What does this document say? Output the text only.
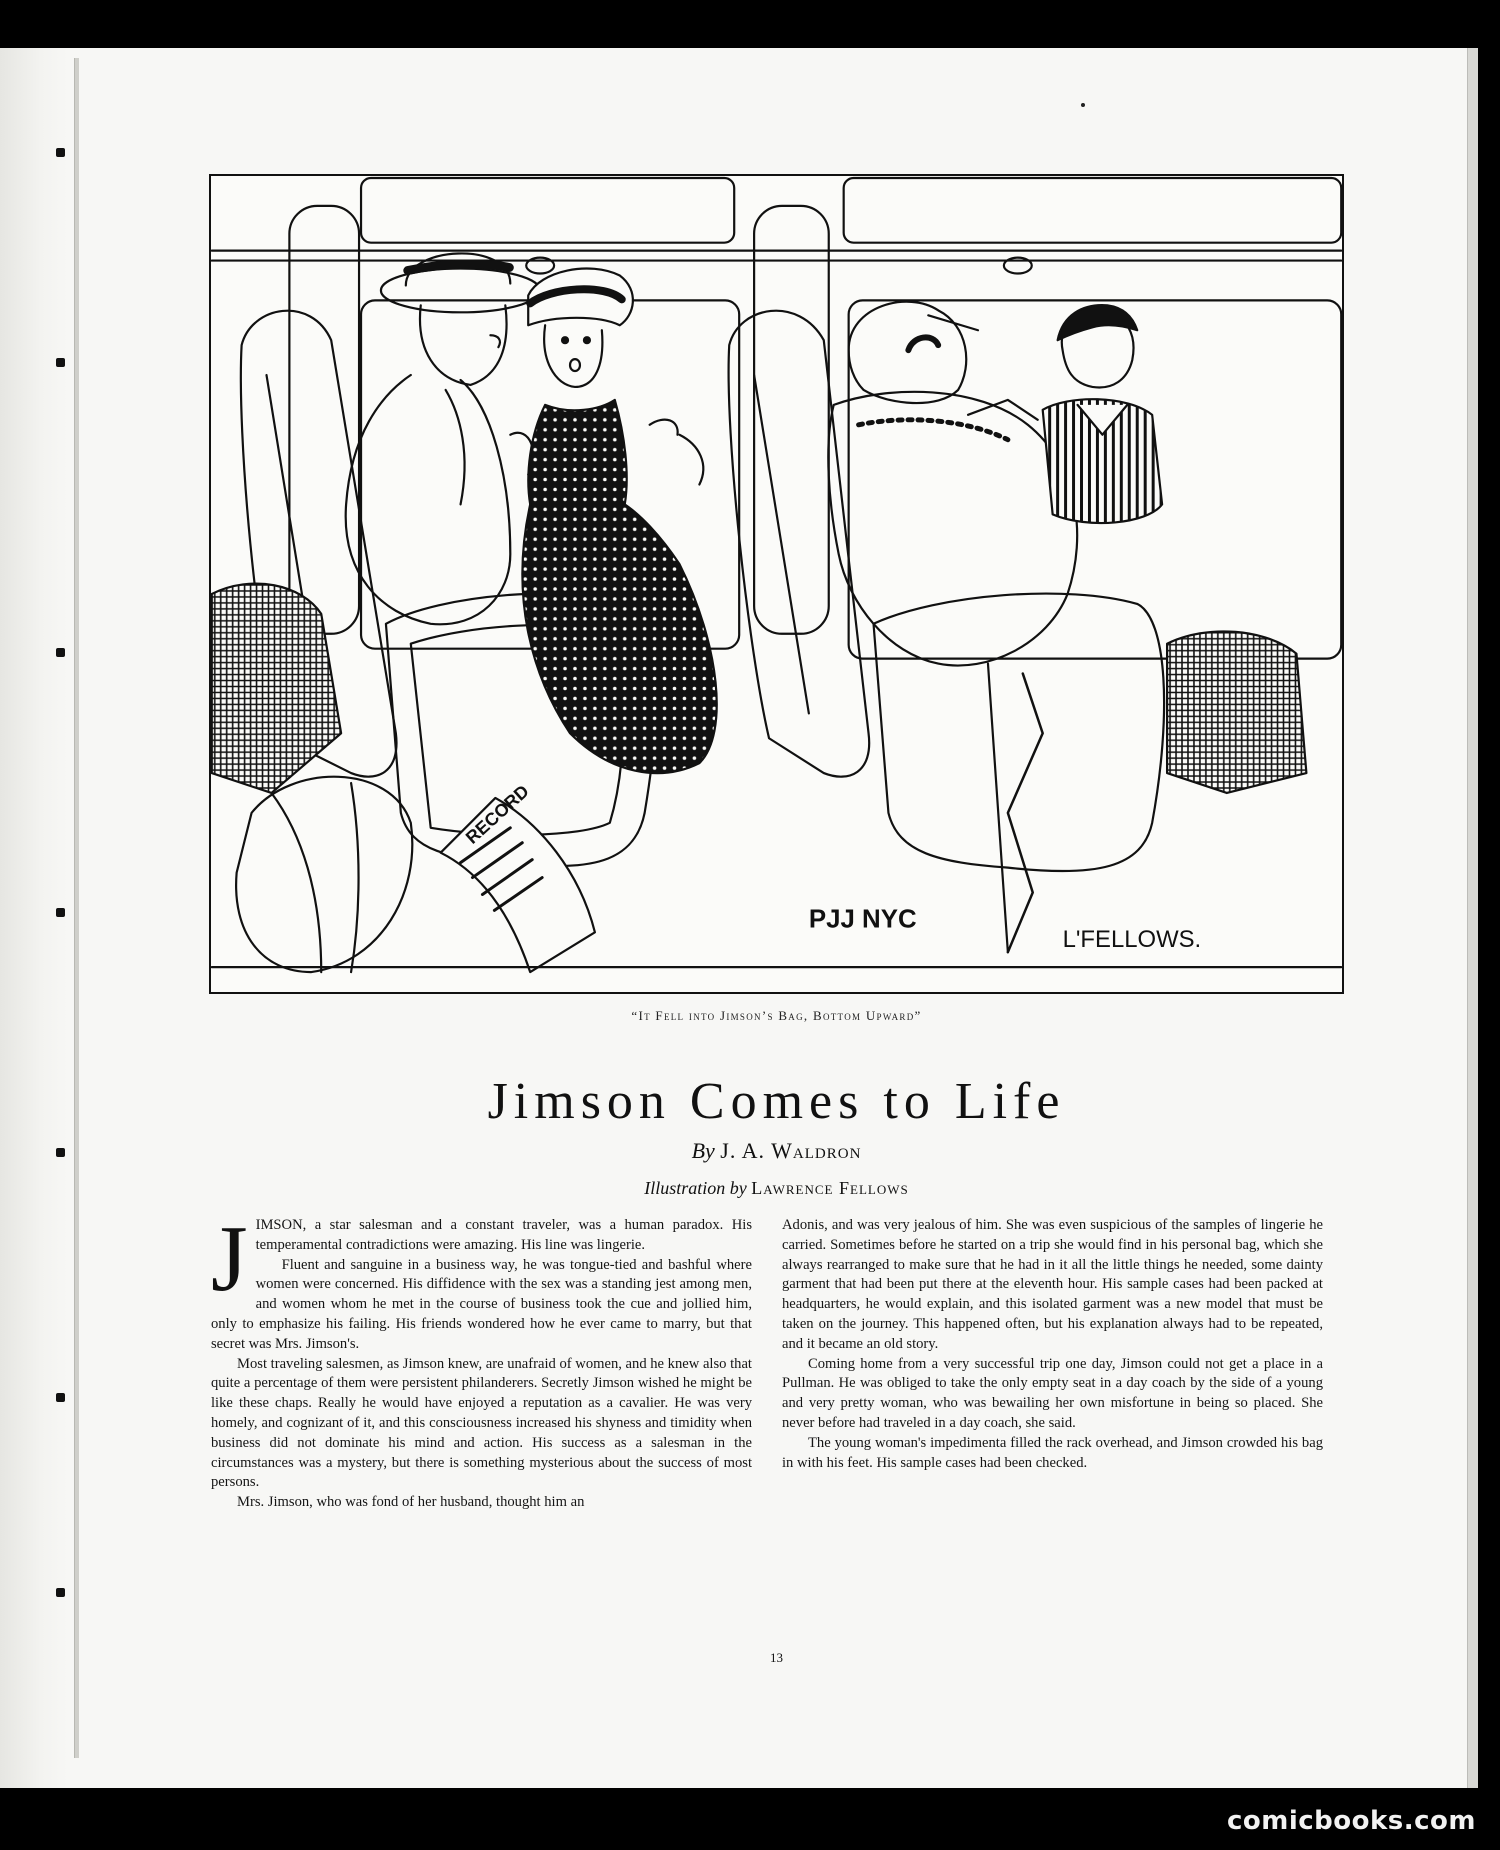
PJJ NYC
L'FELLOWS.
RECORD
“It Fell into Jimson’s Bag, Bottom Upward”
Jimson Comes to Life
By J. A. Waldron
Illustration by Lawrence Fellows

JIMSON, a star salesman and a constant traveler, was a human paradox. His temperamental contradictions were amazing. His line was lingerie.

Fluent and sanguine in a business way, he was tongue-tied and bashful where women were concerned. His diffidence with the sex was a standing jest among men, and women whom he met in the course of business took the cue and jollied him, only to emphasize his failing. His friends wondered how he ever came to marry, but that secret was Mrs. Jimson's.

Most traveling salesmen, as Jimson knew, are unafraid of women, and he knew also that quite a percentage of them were persistent philanderers. Secretly Jimson wished he might be like these chaps. Really he would have enjoyed a reputation as a cavalier. He was very homely, and cognizant of it, and this consciousness increased his shyness and timidity when business did not dominate his mind and action. His success as a salesman in the circumstances was a mystery, but there is something mysterious about the success of most persons.

Mrs. Jimson, who was fond of her husband, thought him an

Adonis, and was very jealous of him. She was even suspicious of the samples of lingerie he carried. Sometimes before he started on a trip she would find in his personal bag, which she always rearranged to make sure that he had in it all the little things he needed, some dainty garment that had been put there at the eleventh hour. His sample cases had been packed at headquarters, he would explain, and this isolated garment was a new model that must be taken on the journey. This happened often, but his explanation always had to be repeated, and it became an old story.

Coming home from a very successful trip one day, Jimson could not get a place in a Pullman. He was obliged to take the only empty seat in a day coach by the side of a young and very pretty woman, who was bewailing her own misfortune in being so placed. She never before had traveled in a day coach, she said.

The young woman's impedimenta filled the rack overhead, and Jimson crowded his bag in with his feet. His sample cases had been checked.

13
comicbooks.com
